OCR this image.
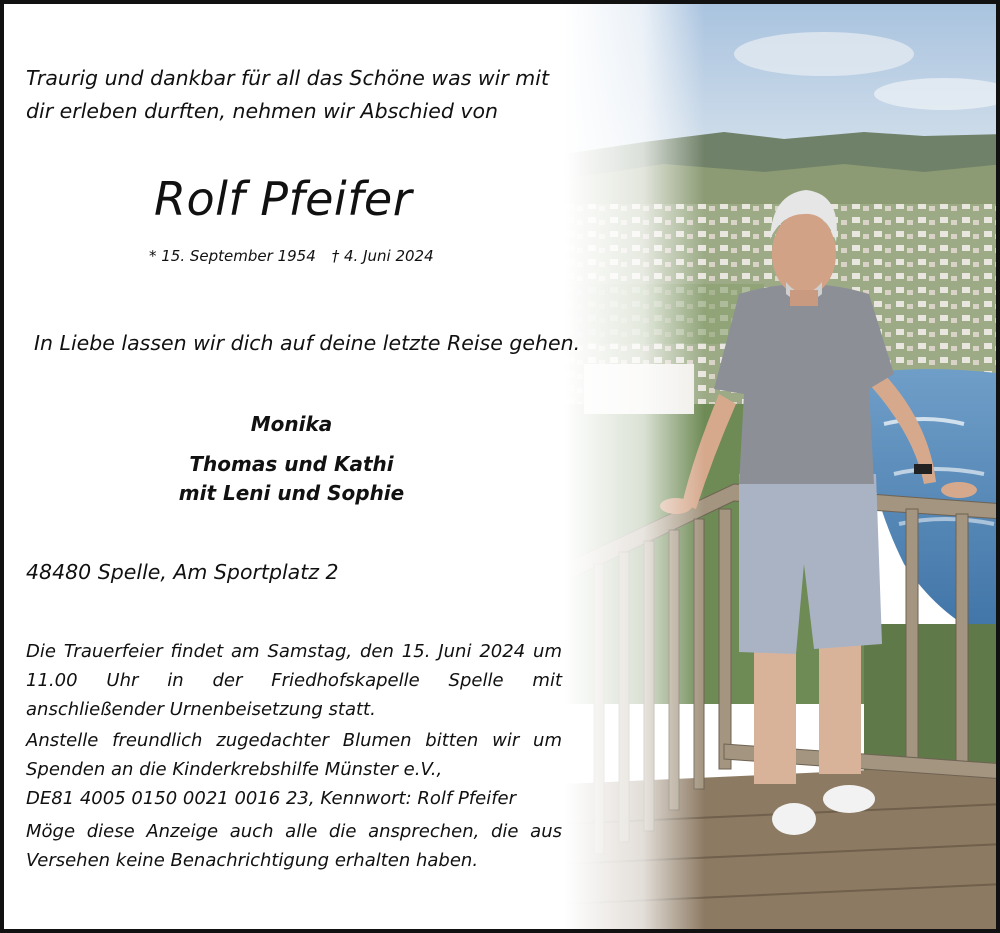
Traurig und dankbar für all das Schöne was wir mit
dir erleben durften, nehmen wir Abschied von
Rolf Pfeifer
* 15. September 1954 † 4. Juni 2024
In Liebe lassen wir dich auf deine letzte Reise gehen.
Monika
Thomas und Kathi
mit Leni und Sophie
48480 Spelle, Am Sportplatz 2
Die Trauerfeier findet am Samstag, den 15. Juni 2024 um 11.00 Uhr in der Friedhofskapelle Spelle mit anschließender Urnenbeisetzung statt.
Anstelle freundlich zugedachter Blumen bitten wir um Spenden an die Kinderkrebshilfe Münster e.V.,
DE81 4005 0150 0021 0016 23, Kennwort: Rolf Pfeifer
Möge diese Anzeige auch alle die ansprechen, die aus Versehen keine Benachrichtigung erhalten haben.
